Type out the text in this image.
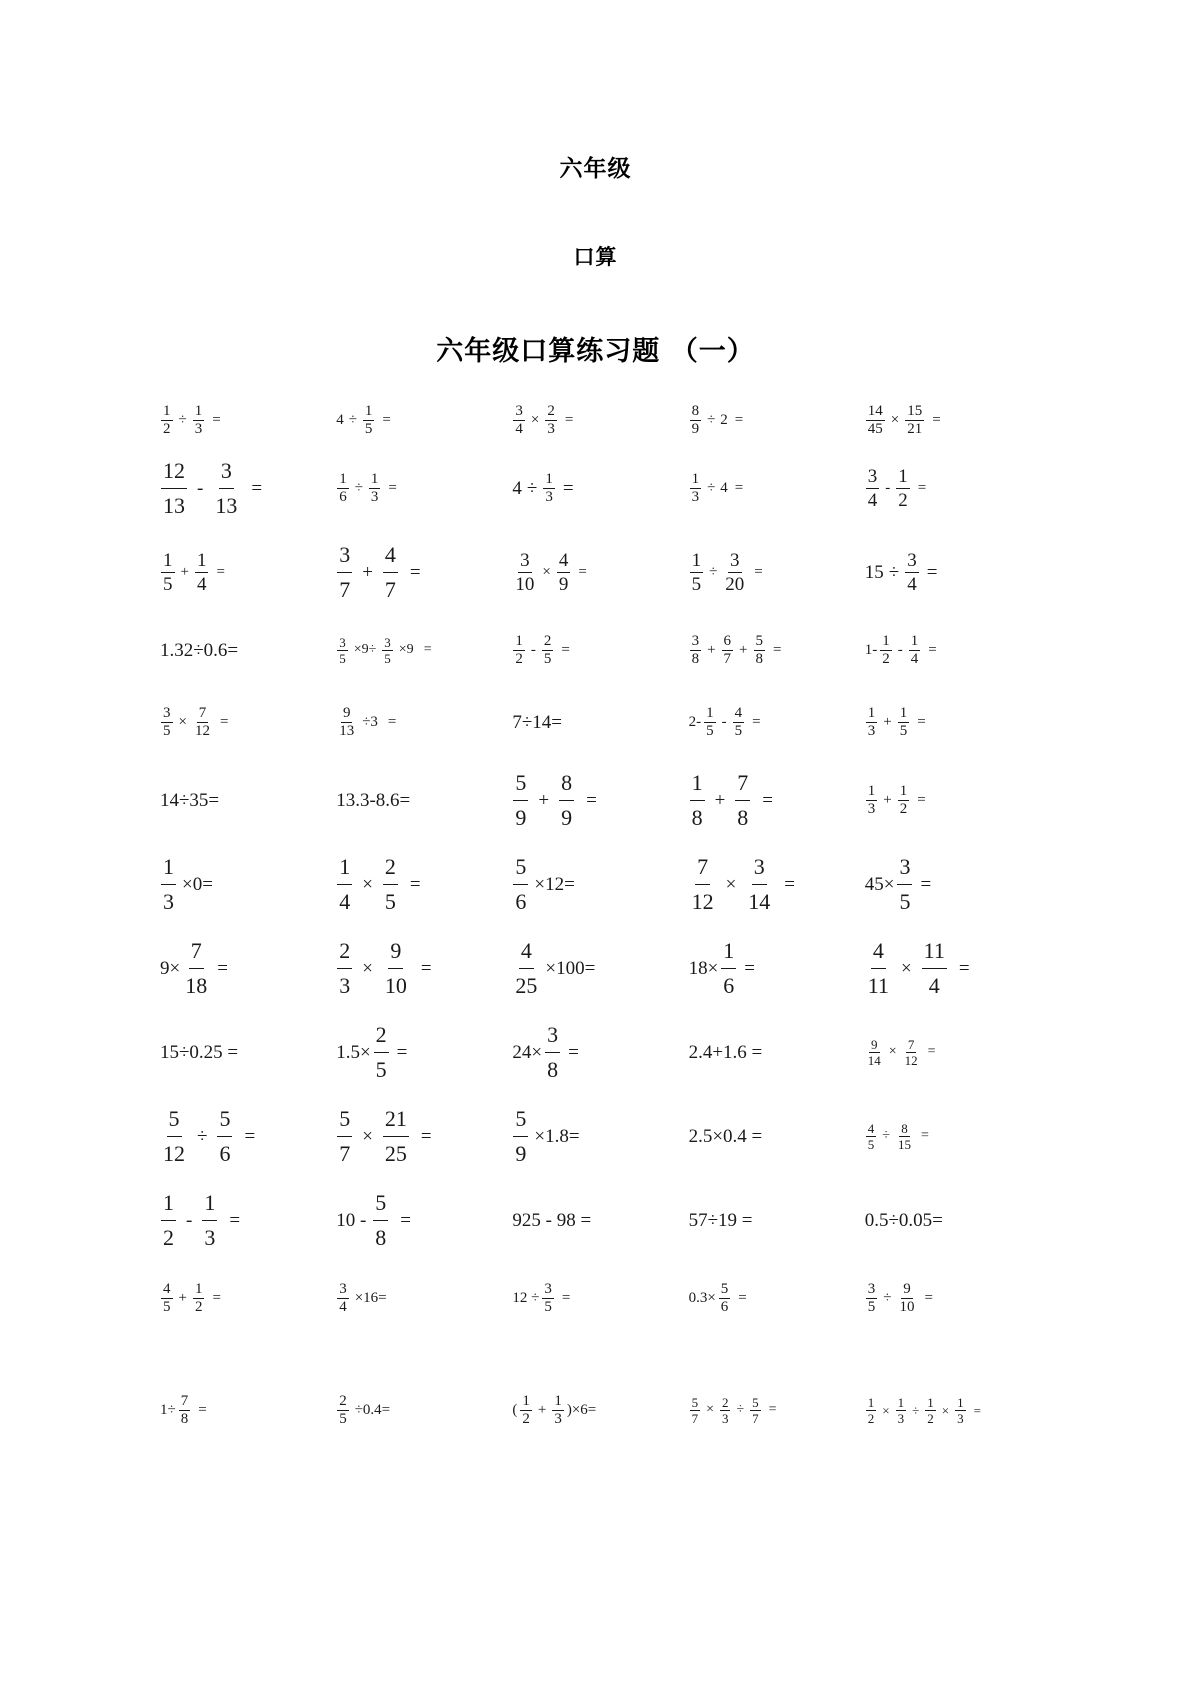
六年级
口算
六年级口算练习题 （一）
$\frac{1}{2} \div \frac{1}{3}$ =	$4 \div \frac{1}{5}$ =	$\frac{3}{4} \times \frac{2}{3}$ =	$\frac{8}{9} \div 2$ =	$\frac{14}{45} \times \frac{15}{21}$ =
$\frac{12}{13} - \frac{3}{13}$ =	$\frac{1}{6} \div \frac{1}{3}$ =	$4 \div \frac{1}{3}$ =	$\frac{1}{3} \div 4$ =	$\frac{3}{4} - \frac{1}{2}$ =
$\frac{1}{5} + \frac{1}{4}$ =	$\frac{3}{7} + \frac{4}{7}$ =	$\frac{3}{10} \times \frac{4}{9}$ =	$\frac{1}{5} \div \frac{3}{20}$ =	$15 \div \frac{3}{4}$ =
1.32÷0.6=	$\frac{3}{5} \times 9\div \frac{3}{5} \times 9$ =	$\frac{1}{2} - \frac{2}{5}$ =	$\frac{3}{8} + \frac{6}{7} + \frac{5}{8}$ =	$1- \frac{1}{2} - \frac{1}{4}$ =
$\frac{3}{5} \times \frac{7}{12}$ =	$\frac{9}{13} \div 3$ =	7÷14=	$2- \frac{1}{5} - \frac{4}{5}$ =	$\frac{1}{3} + \frac{1}{5}$ =
14÷35=	13.3-8.6=	$\frac{5}{9} + \frac{8}{9}$ =	$\frac{1}{8} + \frac{7}{8}$ =	$\frac{1}{3} + \frac{1}{2}$ =
$\frac{1}{3} \times 0=$	$\frac{1}{4} \times \frac{2}{5}$ =	$\frac{5}{6} \times 12=$	$\frac{7}{12} \times \frac{3}{14}$ =	$45\times \frac{3}{5}$ =
$9\times \frac{7}{18}$ =	$\frac{2}{3} \times \frac{9}{10}$ =	$\frac{4}{25} \times 100=$	$18\times \frac{1}{6}$ =	$\frac{4}{11} \times \frac{11}{4}$ =
15÷0.25 =	$1.5\times \frac{2}{5}$ =	$24\times \frac{3}{8}$ =	2.4+1.6 =	$\frac{9}{14} \times \frac{7}{12}$ =
$\frac{5}{12} \div \frac{5}{6}$ =	$\frac{5}{7} \times \frac{21}{25}$ =	$\frac{5}{9} \times 1.8=$	2.5×0.4 =	$\frac{4}{5} \div \frac{8}{15}$ =
$\frac{1}{2} - \frac{1}{3}$ =	$10 - \frac{5}{8}$ =	925 - 98 =	57÷19 =	0.5÷0.05=
$\frac{4}{5} + \frac{1}{2}$ =	$\frac{3}{4} \times 16=$	$12 \div \frac{3}{5}$ =	$0.3\times \frac{5}{6}$ =	$\frac{3}{5} \div \frac{9}{10}$ =
$1\div \frac{7}{8}$ =	$\frac{2}{5} \div 0.4=$	( $\frac{1}{2} + \frac{1}{3} )\times 6=$	$\frac{5}{7} \times \frac{2}{3} \div \frac{5}{7}$ =	$\frac{1}{2} \times \frac{1}{3} \div \frac{1}{2} \times \frac{1}{3}$ =
